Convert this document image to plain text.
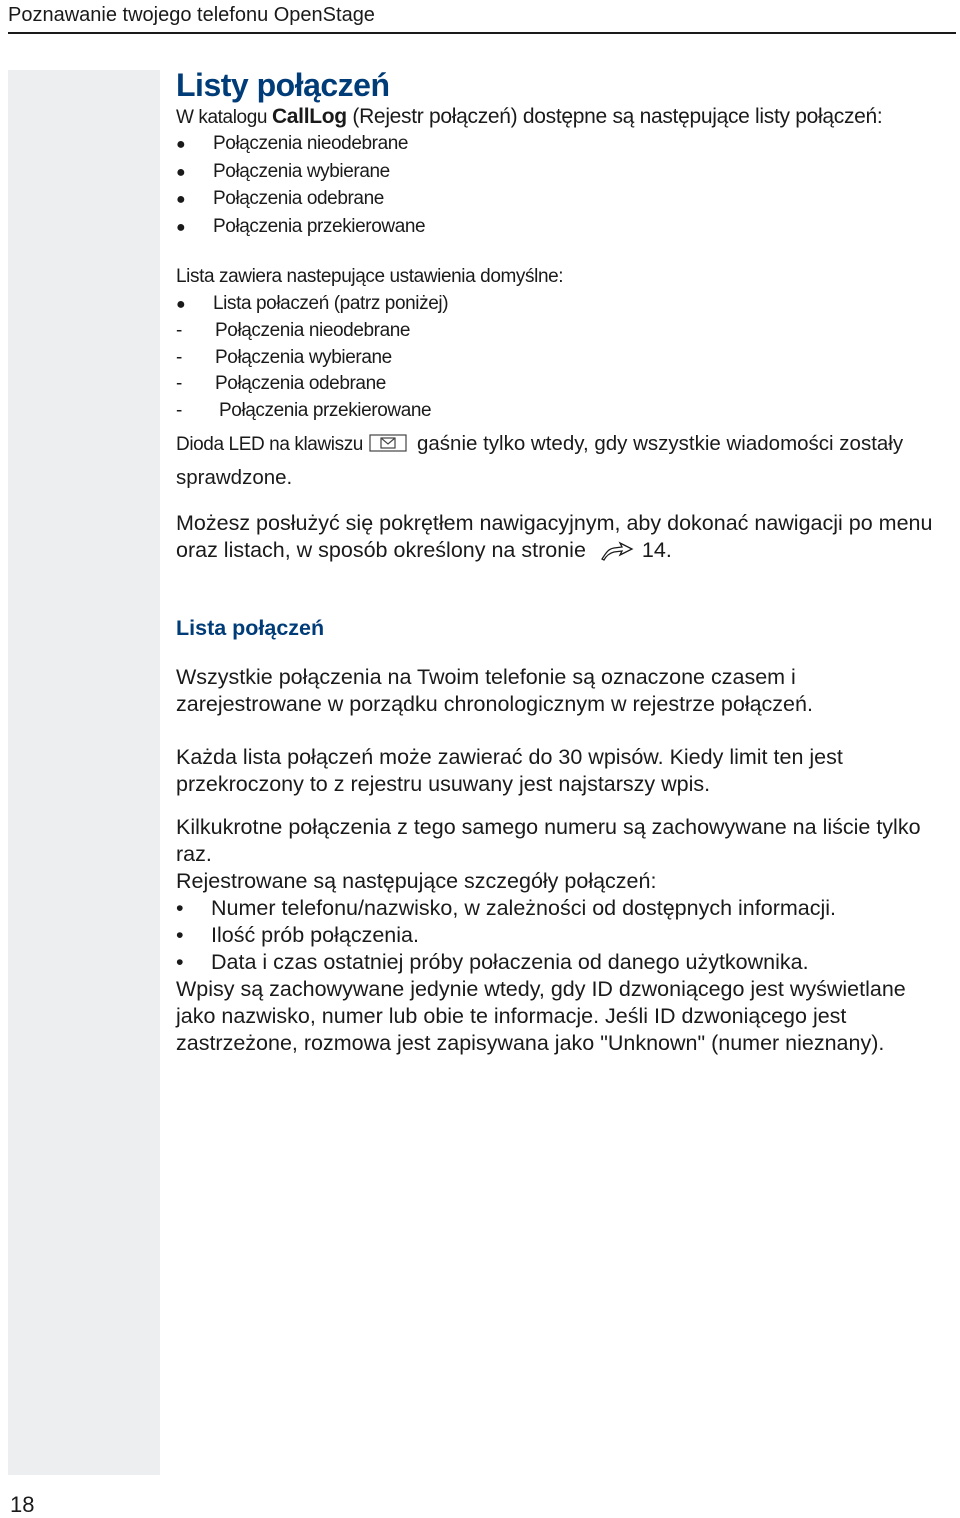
Poznawanie twojego telefonu OpenStage
18
Listy połączeń

W katalogu CallLog (Rejestr połączeń) dostępne są następujące listy połączeń:

●	Połączenia nieodebrane
●	Połączenia wybierane
●	Połączenia odebrane
●	Połączenia przekierowane

Lista zawiera nastepujące ustawienia domyślne:

●	Lista połaczeń (patrz poniżej)
-	Połączenia nieodebrane
-	Połączenia wybierane
-	Połączenia odebrane
-	Połączenia przekierowane

Dioda LED na klawiszu	gaśnie tylko wtedy, gdy wszystkie wiadomości zostały sprawdzone.

Możesz posłużyć się pokrętłem nawigacyjnym, aby dokonać nawigacji po menu oraz listach, w sposób określony na stronie	14.

Lista połączeń

Wszystkie połączenia na Twoim telefonie są oznaczone czasem i zarejestrowane w porządku chronologicznym w rejestrze połączeń.

Każda lista połączeń może zawierać do 30 wpisów. Kiedy limit ten jest przekroczony to z rejestru usuwany jest najstarszy wpis.

Kilkukrotne połączenia z tego samego numeru są zachowywane na liście tylko raz.

Rejestrowane są następujące szczegóły połączeń:

•	Numer telefonu/nazwisko, w zależności od dostępnych informacji.
•	Ilość prób połączenia.
•	Data i czas ostatniej próby połaczenia od danego użytkownika.

Wpisy są zachowywane jedynie wtedy, gdy ID dzwoniącego jest wyświetlane jako nazwisko, numer lub obie te informacje. Jeśli ID dzwoniącego jest zastrzeżone, rozmowa jest zapisywana jako "Unknown" (numer nieznany).
